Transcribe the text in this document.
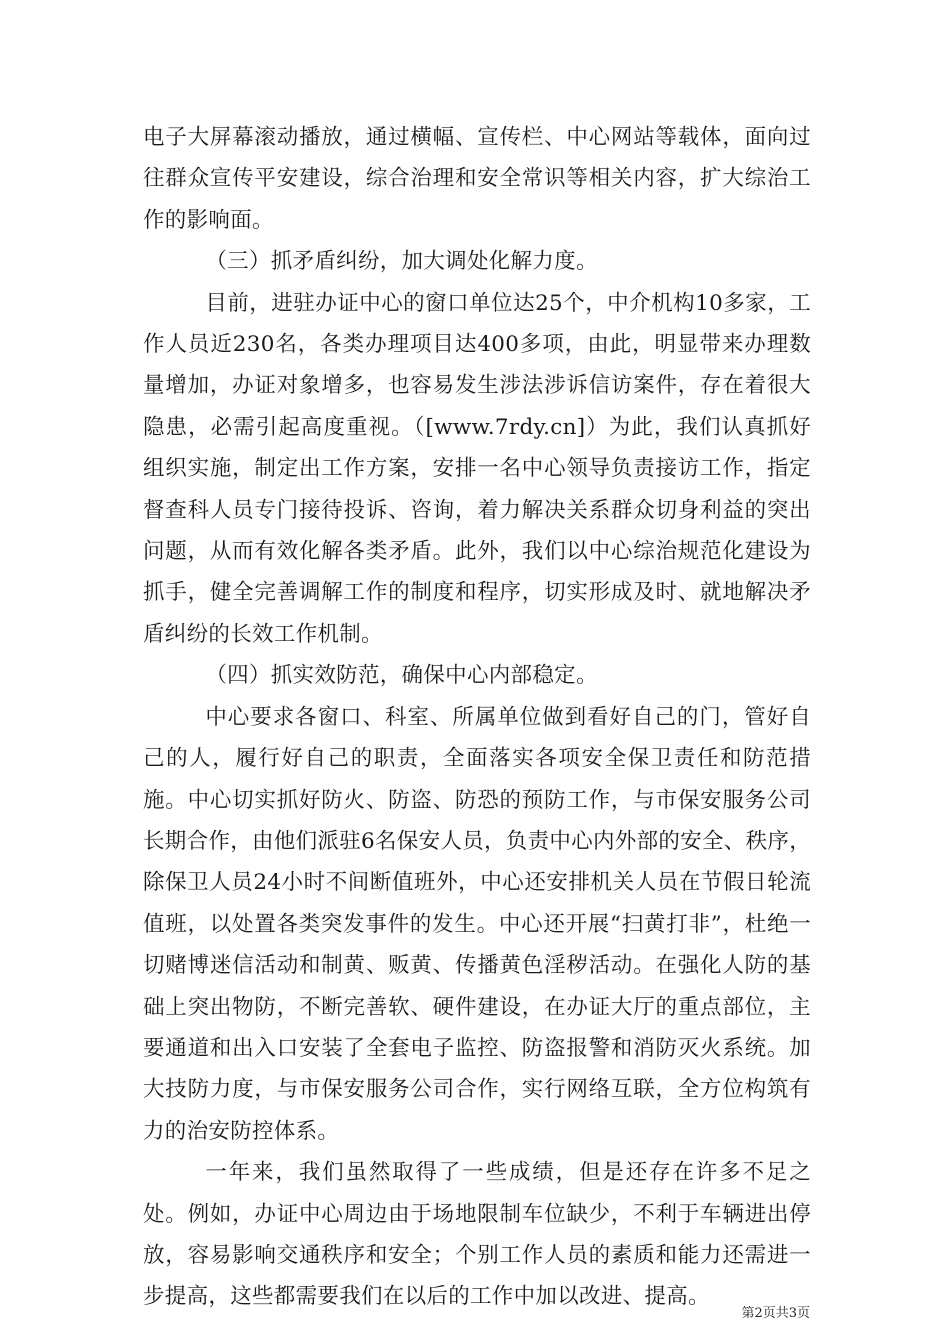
电子大屏幕滚动播放，通过横幅、宣传栏、中心网站等载体，面向过往群众宣传平安建设，综合治理和安全常识等相关内容，扩大综治工作的影响面。

（三）抓矛盾纠纷，加大调处化解力度。

目前，进驻办证中心的窗口单位达25个，中介机构10多家，工作人员近230名，各类办理项目达400多项，由此，明显带来办理数量增加，办证对象增多，也容易发生涉法涉诉信访案件，存在着很大隐患，必需引起高度重视。（[www.7rdy.cn]）为此，我们认真抓好组织实施，制定出工作方案，安排一名中心领导负责接访工作，指定督查科人员专门接待投诉、咨询，着力解决关系群众切身利益的突出问题，从而有效化解各类矛盾。此外，我们以中心综治规范化建设为抓手，健全完善调解工作的制度和程序，切实形成及时、就地解决矛盾纠纷的长效工作机制。

（四）抓实效防范，确保中心内部稳定。

中心要求各窗口、科室、所属单位做到看好自己的门，管好自己的人，履行好自己的职责，全面落实各项安全保卫责任和防范措施。中心切实抓好防火、防盗、防恐的预防工作，与市保安服务公司长期合作，由他们派驻6名保安人员，负责中心内外部的安全、秩序，除保卫人员24小时不间断值班外，中心还安排机关人员在节假日轮流值班，以处置各类突发事件的发生。中心还开展“扫黄打非”，杜绝一切赌博迷信活动和制黄、贩黄、传播黄色淫秽活动。在强化人防的基础上突出物防，不断完善软、硬件建设，在办证大厅的重点部位，主要通道和出入口安装了全套电子监控、防盗报警和消防灭火系统。加大技防力度，与市保安服务公司合作，实行网络互联，全方位构筑有力的治安防控体系。

一年来，我们虽然取得了一些成绩，但是还存在许多不足之处。例如，办证中心周边由于场地限制车位缺少，不利于车辆进出停放，容易影响交通秩序和安全；个别工作人员的素质和能力还需进一步提高，这些都需要我们在以后的工作中加以改进、提高。

第2页共3页
